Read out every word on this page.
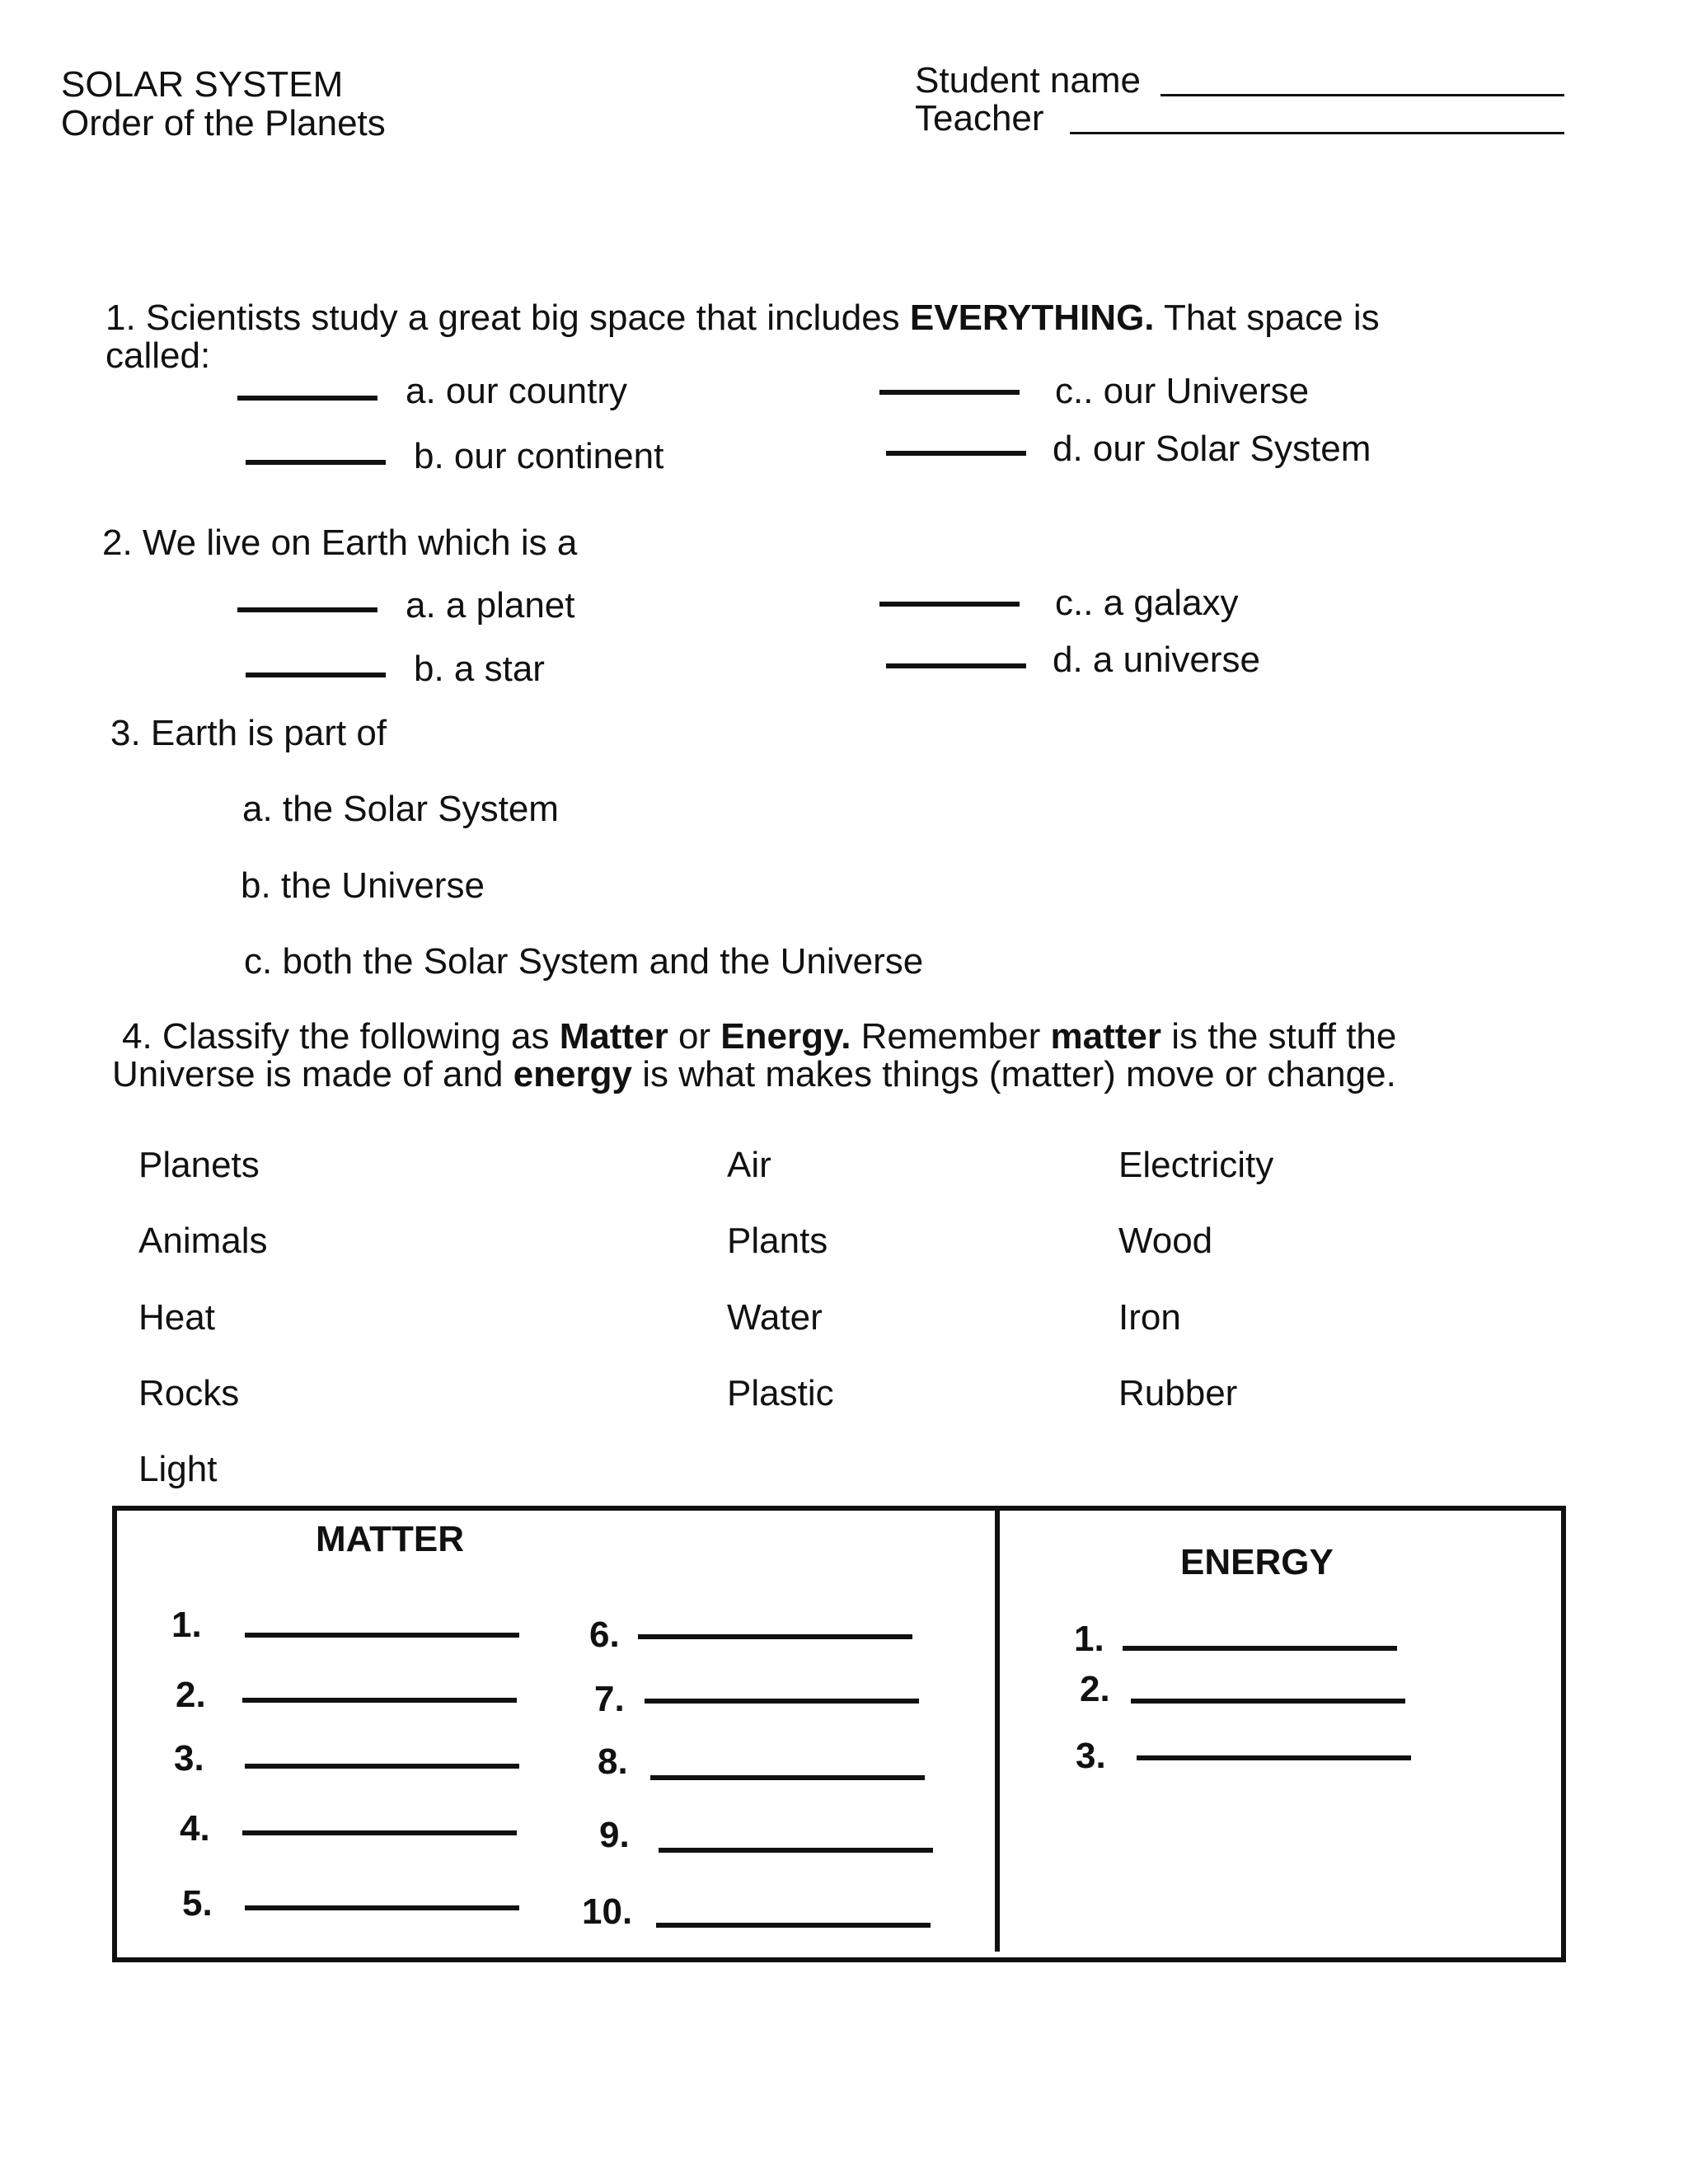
SOLAR SYSTEM
Order of the Planets
Student name
Teacher
1. Scientists study a great big space that includes EVERYTHING. That space is
called:
a. our country
b. our continent
c.. our Universe
d. our Solar System
2. We live on Earth which is a
a. a planet
b. a star
c.. a galaxy
d. a universe
3. Earth is part of
a. the Solar System
b. the Universe
c. both the Solar System and the Universe
4. Classify the following as Matter or Energy. Remember matter is the stuff the
Universe is made of and energy is what makes things (matter) move or change.
Planets
Animals
Heat
Rocks
Light
Air
Plants
Water
Plastic
Electricity
Wood
Iron
Rubber
MATTER
ENERGY
1.
2.
3.
4.
5.
6.
7.
8.
9.
10.
1.
2.
3.
